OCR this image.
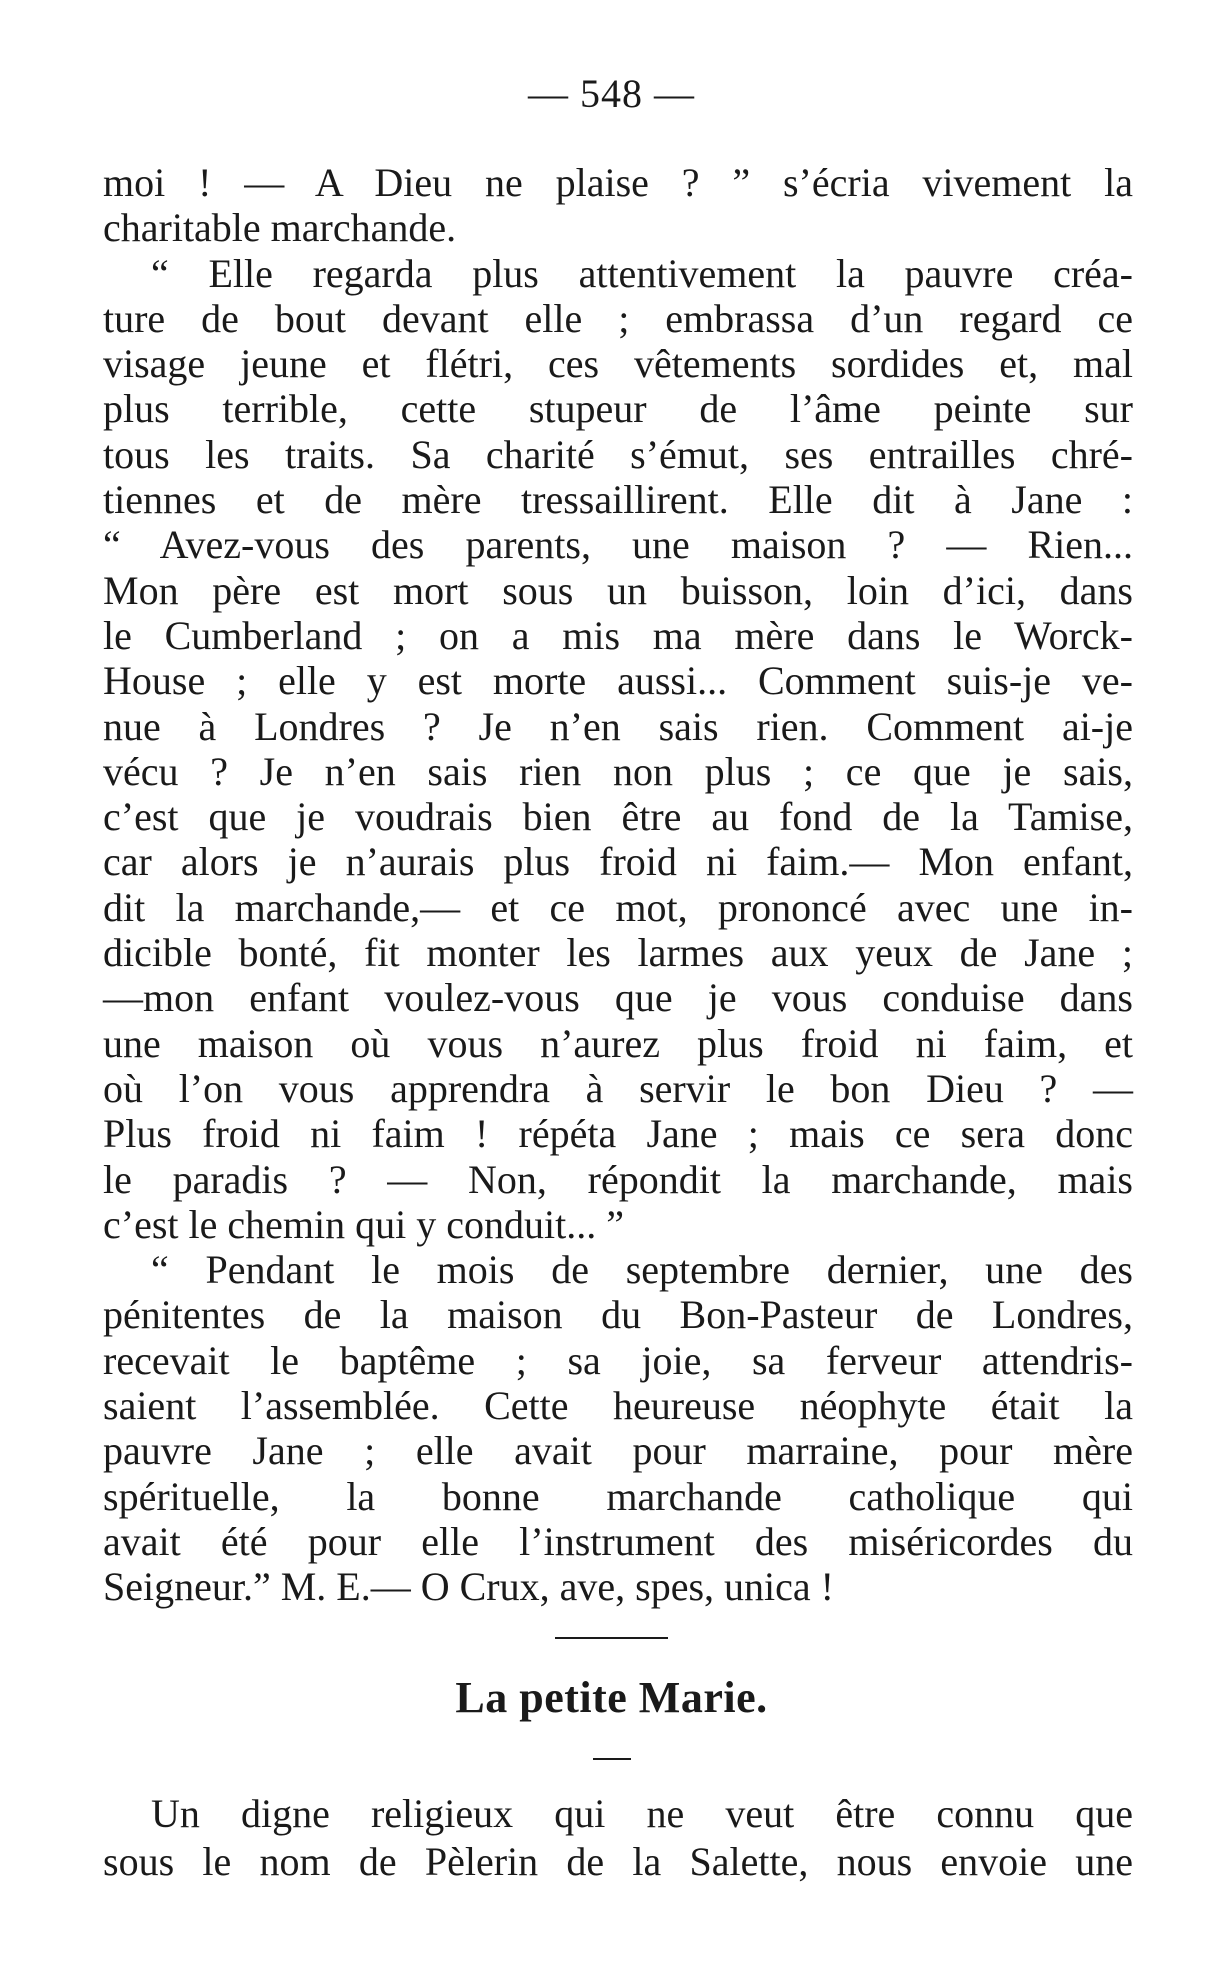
— 548 —
moi ! — A Dieu ne plaise ? ” s’écria vivement la
charitable marchande.
“ Elle regarda plus attentivement la pauvre créa-
ture de bout devant elle ; embrassa d’un regard ce
visage jeune et flétri, ces vêtements sordides et, mal
plus terrible, cette stupeur de l’âme peinte sur
tous les traits. Sa charité s’émut, ses entrailles chré-
tiennes et de mère tressaillirent. Elle dit à Jane :
“ Avez-vous des parents, une maison ? — Rien...
Mon père est mort sous un buisson, loin d’ici, dans
le Cumberland ; on a mis ma mère dans le Worck-
House ; elle y est morte aussi... Comment suis-je ve-
nue à Londres ? Je n’en sais rien. Comment ai-je
vécu ? Je n’en sais rien non plus ; ce que je sais,
c’est que je voudrais bien être au fond de la Tamise,
car alors je n’aurais plus froid ni faim.— Mon enfant,
dit la marchande,— et ce mot, prononcé avec une in-
dicible bonté, fit monter les larmes aux yeux de Jane ;
—mon enfant voulez-vous que je vous conduise dans
une maison où vous n’aurez plus froid ni faim, et
où l’on vous apprendra à servir le bon Dieu ? —
Plus froid ni faim ! répéta Jane ; mais ce sera donc
le paradis ? — Non, répondit la marchande, mais
c’est le chemin qui y conduit... ”
“ Pendant le mois de septembre dernier, une des
pénitentes de la maison du Bon-Pasteur de Londres,
recevait le baptême ; sa joie, sa ferveur attendris-
saient l’assemblée. Cette heureuse néophyte était la
pauvre Jane ; elle avait pour marraine, pour mère
spérituelle, la bonne marchande catholique qui
avait été pour elle l’instrument des miséricordes du
Seigneur.” M. E.— O Crux, ave, spes, unica !
La petite Marie.
Un digne religieux qui ne veut être connu que
sous le nom de Pèlerin de la Salette, nous envoie une
